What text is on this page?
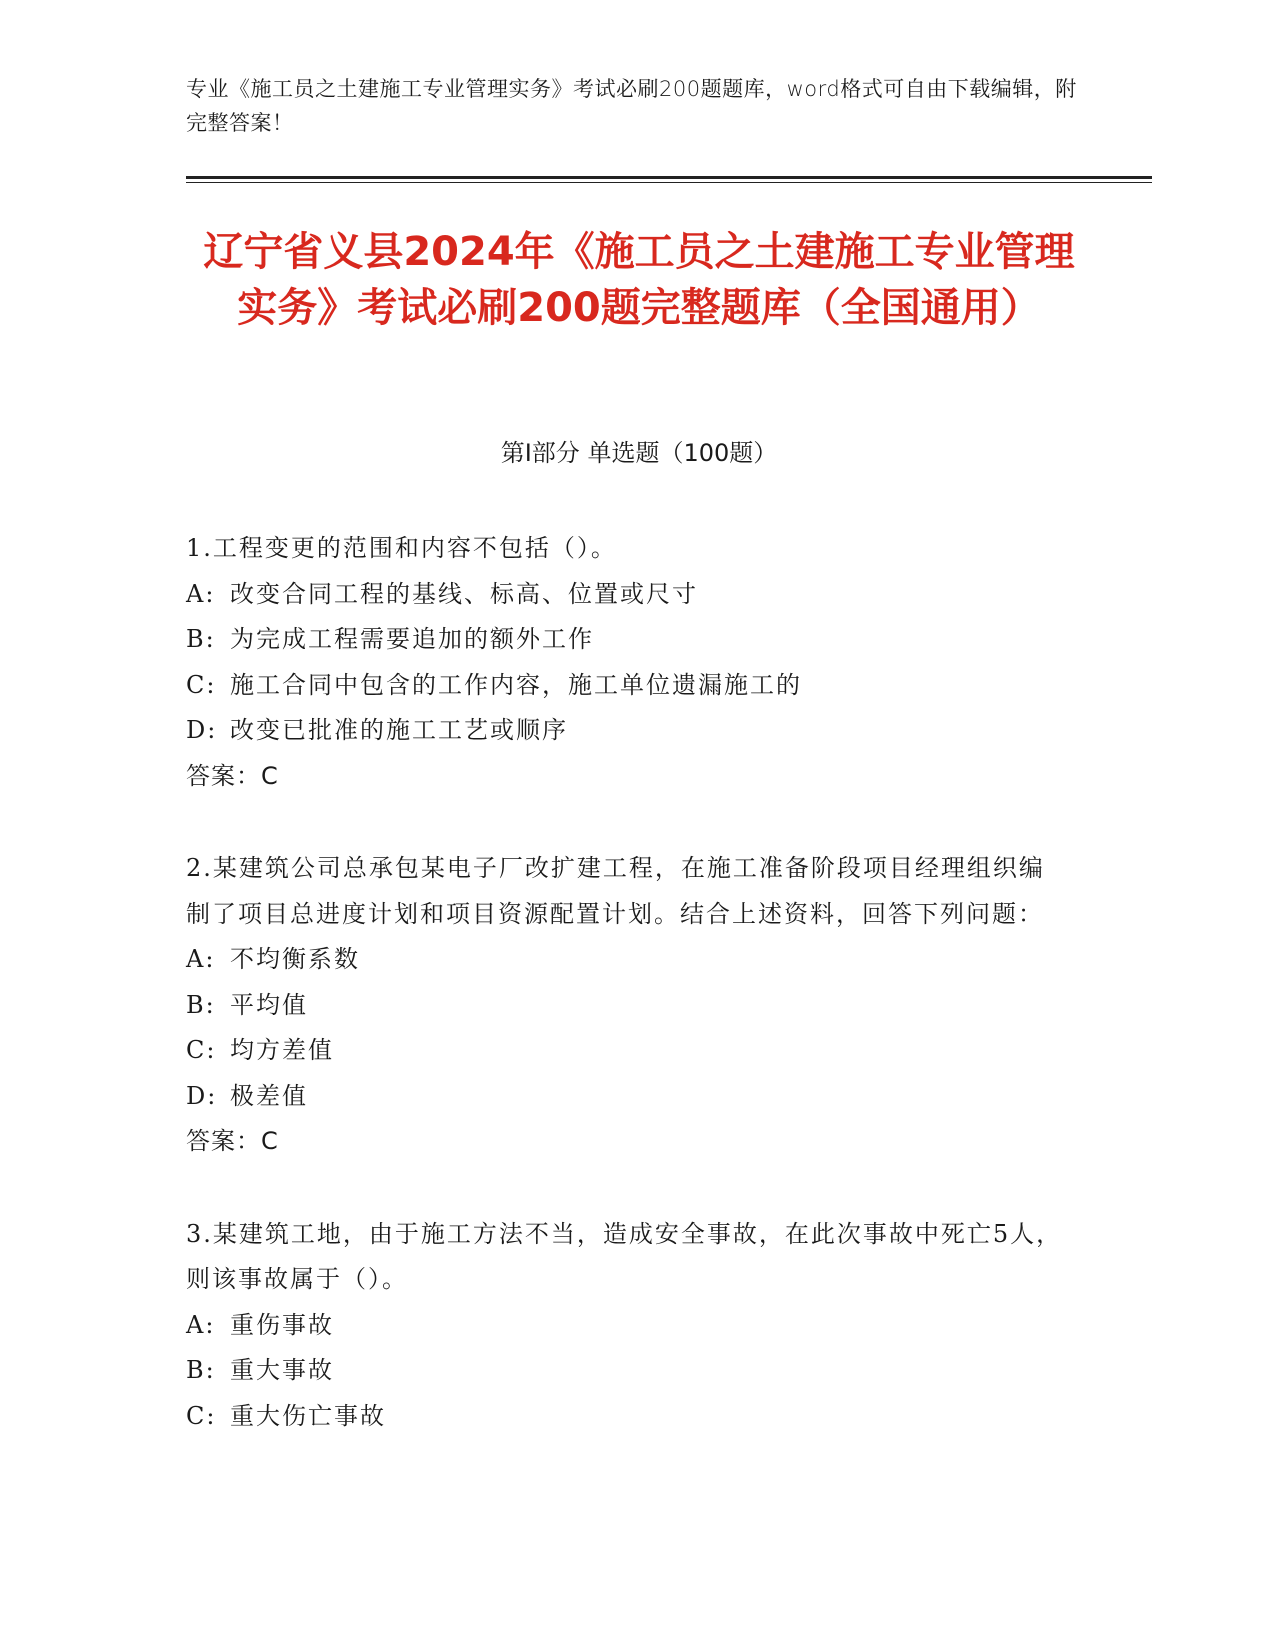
专业《施工员之土建施工专业管理实务》考试必刷200题题库，word格式可自由下载编辑，附完整答案！
辽宁省义县2024年《施工员之土建施工专业管理实务》考试必刷200题完整题库（全国通用）
第Ⅰ部分 单选题（100题）
1.工程变更的范围和内容不包括（）。
A: 改变合同工程的基线、标高、位置或尺寸
B: 为完成工程需要追加的额外工作
C: 施工合同中包含的工作内容，施工单位遗漏施工的
D: 改变已批准的施工工艺或顺序
答案：C
2.某建筑公司总承包某电子厂改扩建工程，在施工准备阶段项目经理组织编制了项目总进度计划和项目资源配置计划。结合上述资料，回答下列问题：
A: 不均衡系数
B: 平均值
C: 均方差值
D: 极差值
答案：C
3.某建筑工地，由于施工方法不当，造成安全事故，在此次事故中死亡5人，则该事故属于（）。
A: 重伤事故
B: 重大事故
C: 重大伤亡事故
